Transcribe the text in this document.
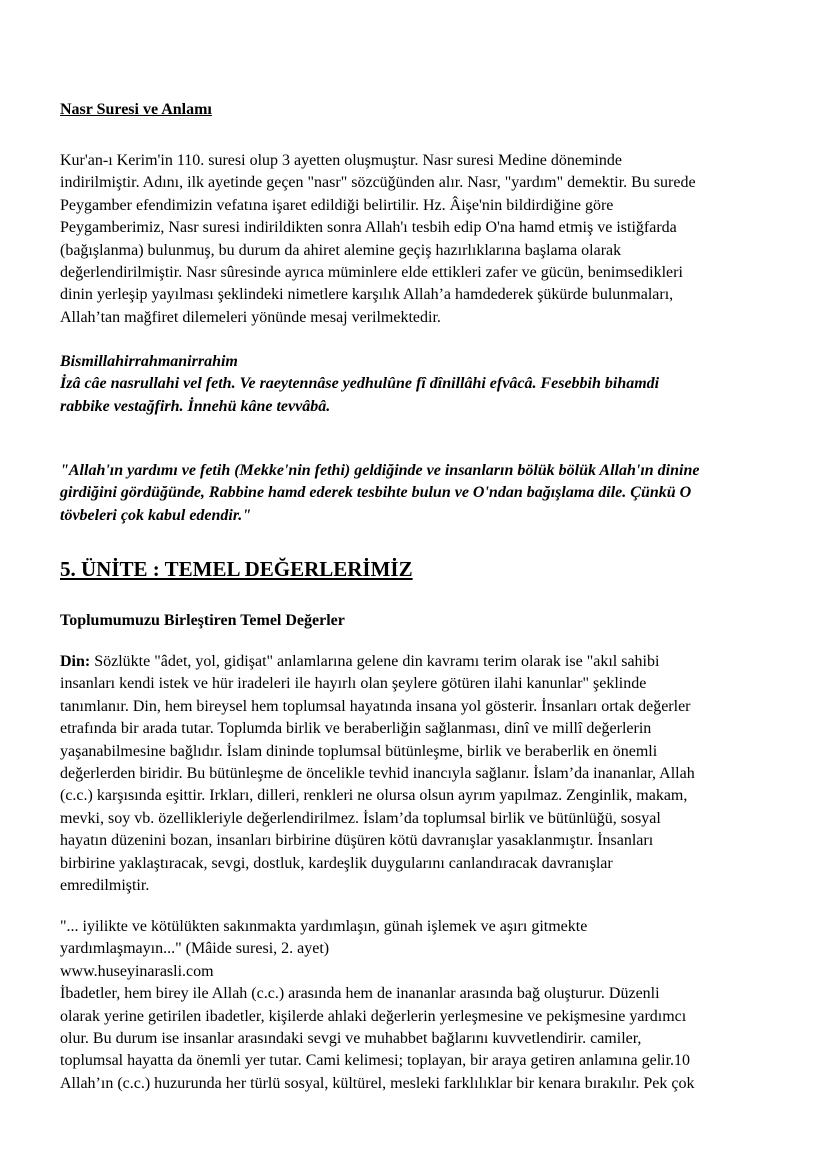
Nasr Suresi ve Anlamı
Kur'an-ı Kerim'in 110. suresi olup 3 ayetten oluşmuştur. Nasr suresi Medine döneminde
indirilmiştir. Adını, ilk ayetinde geçen "nasr" sözcüğünden alır. Nasr, "yardım" demektir. Bu surede
Peygamber efendimizin vefatına işaret edildiği belirtilir. Hz. Âişe'nin bildirdiğine göre
Peygamberimiz, Nasr suresi indirildikten sonra Allah'ı tesbih edip O'na hamd etmiş ve istiğfarda
(bağışlanma) bulunmuş, bu durum da ahiret alemine geçiş hazırlıklarına başlama olarak
değerlendirilmiştir. Nasr sûresinde ayrıca müminlere elde ettikleri zafer ve gücün, benimsedikleri
dinin yerleşip yayılması şeklindeki nimetlere karşılık Allah’a hamdederek şükürde bulunmaları,
Allah’tan mağfiret dilemeleri yönünde mesaj verilmektedir.
Bismillahirrahmanirrahim
İzâ câe nasrullahi vel feth. Ve raeytennâse yedhulûne fî dînillâhi efvâcâ. Fesebbih bihamdi
rabbike vestağfirh. İnnehü kâne tevvâbâ.
"Allah'ın yardımı ve fetih (Mekke'nin fethi) geldiğinde ve insanların bölük bölük Allah'ın dinine
girdiğini gördüğünde, Rabbine hamd ederek tesbihte bulun ve O'ndan bağışlama dile. Çünkü O
tövbeleri çok kabul edendir."
5. ÜNİTE : TEMEL DEĞERLERİMİZ
Toplumumuzu Birleştiren Temel Değerler
Din: Sözlükte "âdet, yol, gidişat" anlamlarına gelene din kavramı terim olarak ise "akıl sahibi
insanları kendi istek ve hür iradeleri ile hayırlı olan şeylere götüren ilahi kanunlar" şeklinde
tanımlanır. Din, hem bireysel hem toplumsal hayatında insana yol gösterir. İnsanları ortak değerler
etrafında bir arada tutar. Toplumda birlik ve beraberliğin sağlanması, dinî ve millî değerlerin
yaşanabilmesine bağlıdır. İslam dininde toplumsal bütünleşme, birlik ve beraberlik en önemli
değerlerden biridir. Bu bütünleşme de öncelikle tevhid inancıyla sağlanır. İslam’da inananlar, Allah
(c.c.) karşısında eşittir. Irkları, dilleri, renkleri ne olursa olsun ayrım yapılmaz. Zenginlik, makam,
mevki, soy vb. özellikleriyle değerlendirilmez. İslam’da toplumsal birlik ve bütünlüğü, sosyal
hayatın düzenini bozan, insanları birbirine düşüren kötü davranışlar yasaklanmıştır. İnsanları
birbirine yaklaştıracak, sevgi, dostluk, kardeşlik duygularını canlandıracak davranışlar
emredilmiştir.
"... iyilikte ve kötülükten sakınmakta yardımlaşın, günah işlemek ve aşırı gitmekte
yardımlaşmayın..." (Mâide suresi, 2. ayet)
www.huseyinarasli.com
İbadetler, hem birey ile Allah (c.c.) arasında hem de inananlar arasında bağ oluşturur. Düzenli
olarak yerine getirilen ibadetler, kişilerde ahlaki değerlerin yerleşmesine ve pekişmesine yardımcı
olur. Bu durum ise insanlar arasındaki sevgi ve muhabbet bağlarını kuvvetlendirir. camiler,
toplumsal hayatta da önemli yer tutar. Cami kelimesi; toplayan, bir araya getiren anlamına gelir.10
Allah’ın (c.c.) huzurunda her türlü sosyal, kültürel, mesleki farklılıklar bir kenara bırakılır. Pek çok
